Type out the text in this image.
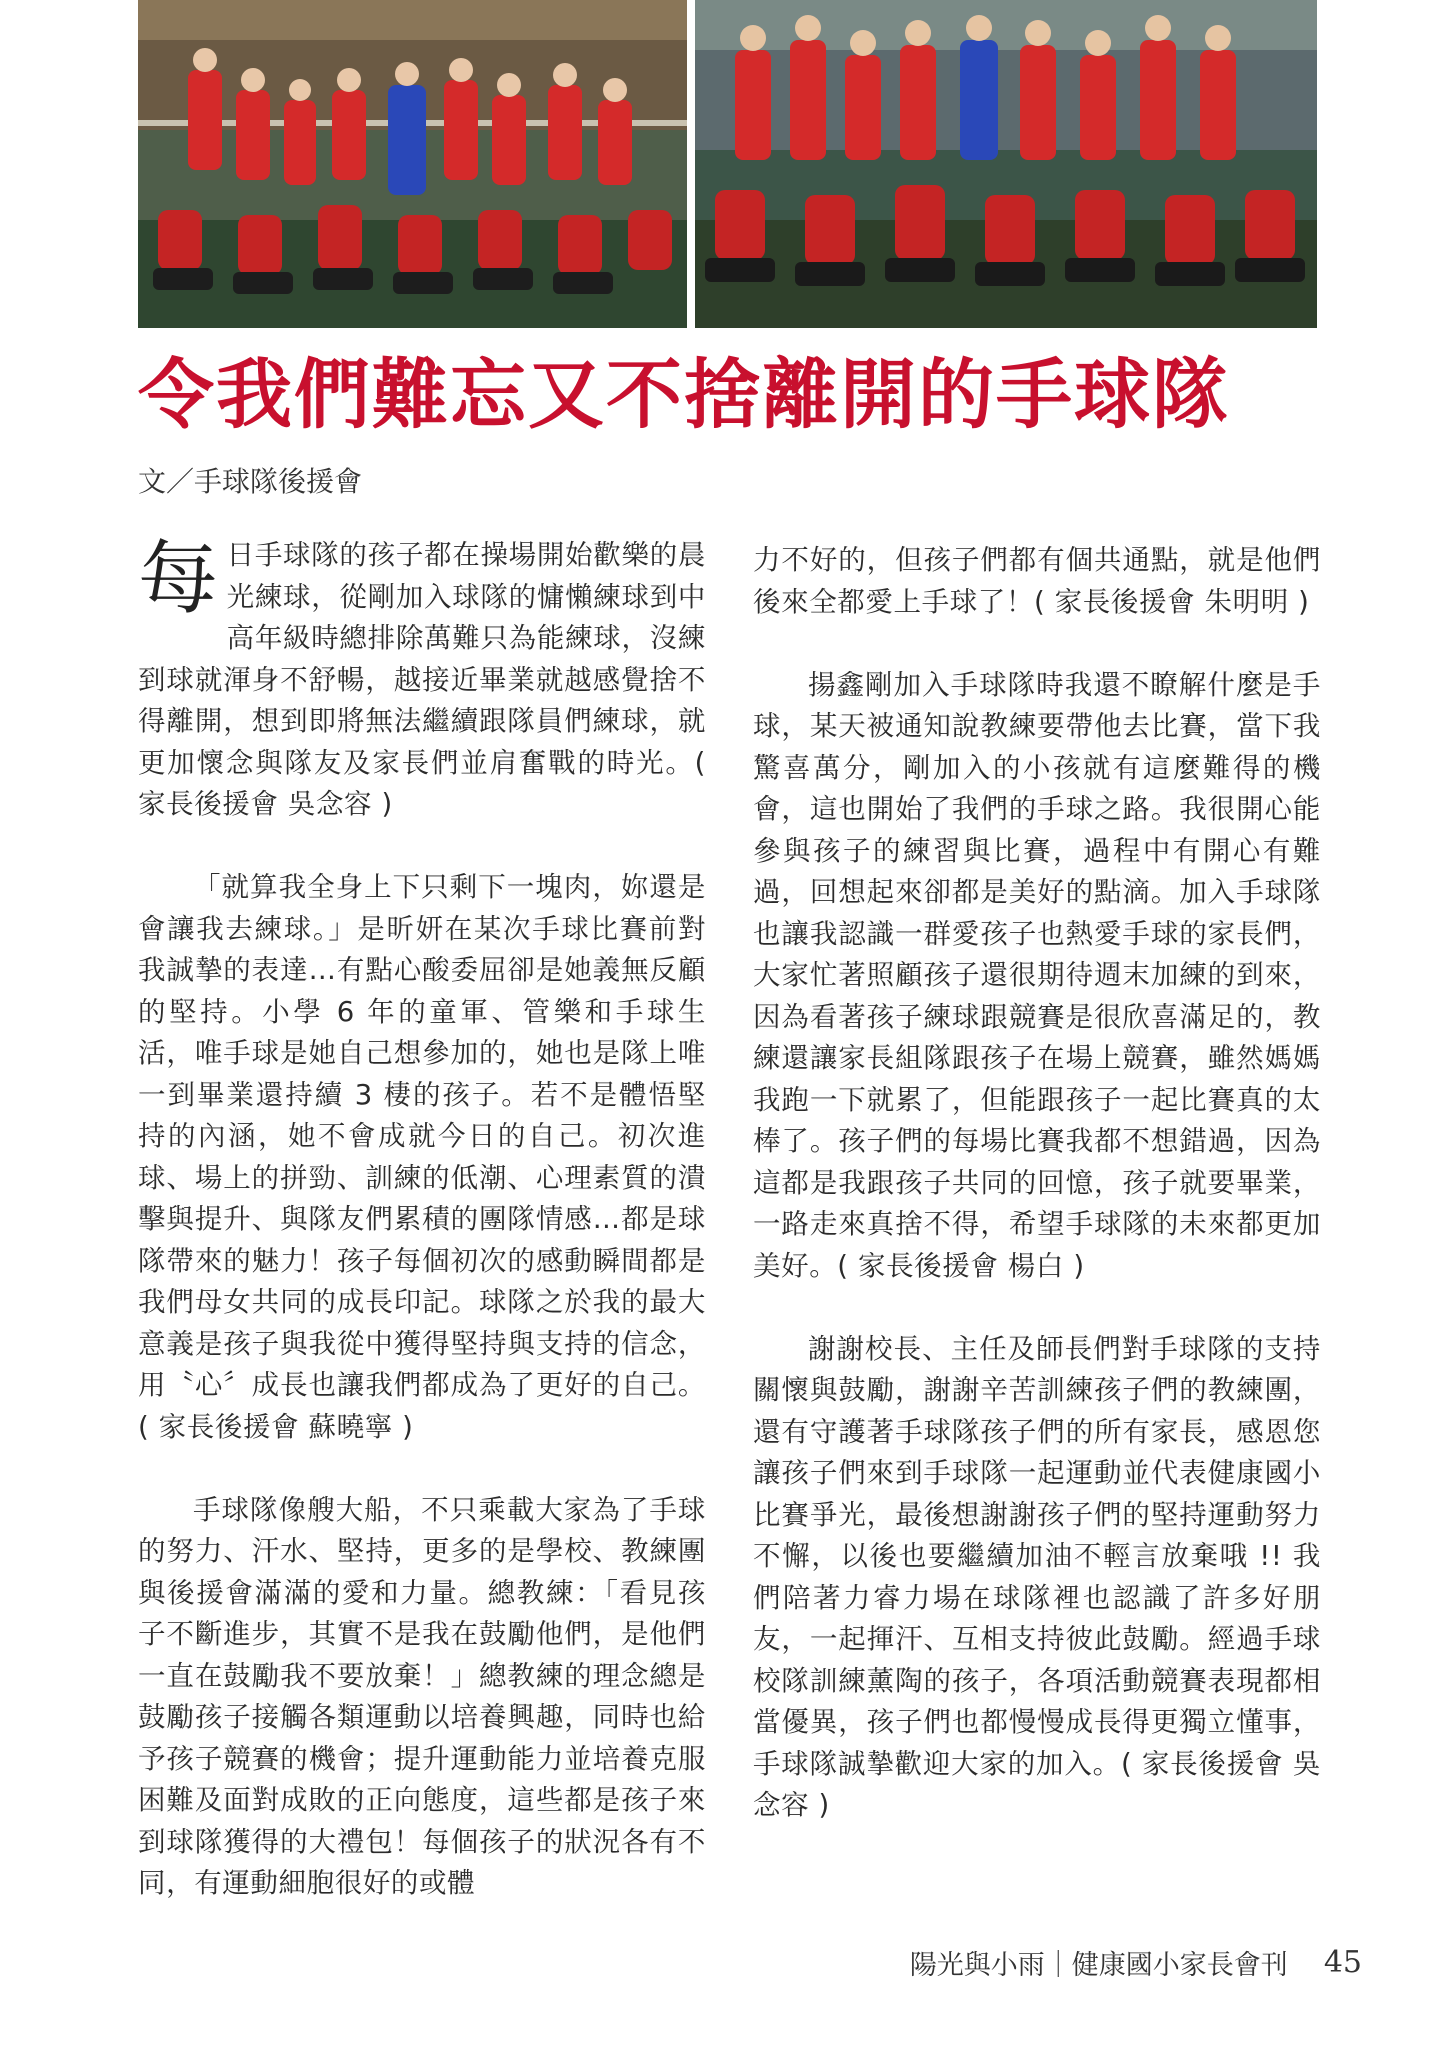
令我們難忘又不捨離開的手球隊

文／手球隊後援會

每日手球隊的孩子都在操場開始歡樂的晨光練球，從剛加入球隊的慵懶練球到中高年級時總排除萬難只為能練球，沒練到球就渾身不舒暢，越接近畢業就越感覺捨不得離開，想到即將無法繼續跟隊員們練球，就更加懷念與隊友及家長們並肩奮戰的時光。( 家長後援會 吳念容 )

「就算我全身上下只剩下一塊肉，妳還是會讓我去練球。」是昕妍在某次手球比賽前對我誠摯的表達…有點心酸委屈卻是她義無反顧的堅持。小學 6 年的童軍、管樂和手球生活，唯手球是她自己想參加的，她也是隊上唯一到畢業還持續 3 棲的孩子。若不是體悟堅持的內涵，她不會成就今日的自己。初次進球、場上的拼勁、訓練的低潮、心理素質的潰擊與提升、與隊友們累積的團隊情感…都是球隊帶來的魅力！孩子每個初次的感動瞬間都是我們母女共同的成長印記。球隊之於我的最大意義是孩子與我從中獲得堅持與支持的信念，用〝心〞成長也讓我們都成為了更好的自己。( 家長後援會 蘇曉寧 )

手球隊像艘大船，不只乘載大家為了手球的努力、汗水、堅持，更多的是學校、教練團與後援會滿滿的愛和力量。總教練：「看見孩子不斷進步，其實不是我在鼓勵他們，是他們一直在鼓勵我不要放棄！」總教練的理念總是鼓勵孩子接觸各類運動以培養興趣，同時也給予孩子競賽的機會；提升運動能力並培養克服困難及面對成敗的正向態度，這些都是孩子來到球隊獲得的大禮包！每個孩子的狀況各有不同，有運動細胞很好的或體

力不好的，但孩子們都有個共通點，就是他們後來全都愛上手球了！( 家長後援會 朱明明 )

揚鑫剛加入手球隊時我還不瞭解什麼是手球，某天被通知說教練要帶他去比賽，當下我驚喜萬分，剛加入的小孩就有這麼難得的機會，這也開始了我們的手球之路。我很開心能參與孩子的練習與比賽，過程中有開心有難過，回想起來卻都是美好的點滴。加入手球隊也讓我認識一群愛孩子也熱愛手球的家長們，大家忙著照顧孩子還很期待週末加練的到來，因為看著孩子練球跟競賽是很欣喜滿足的，教練還讓家長組隊跟孩子在場上競賽，雖然媽媽我跑一下就累了，但能跟孩子一起比賽真的太棒了。孩子們的每場比賽我都不想錯過，因為這都是我跟孩子共同的回憶，孩子就要畢業，一路走來真捨不得，希望手球隊的未來都更加美好。( 家長後援會 楊白 )

謝謝校長、主任及師長們對手球隊的支持關懷與鼓勵，謝謝辛苦訓練孩子們的教練團，還有守護著手球隊孩子們的所有家長，感恩您讓孩子們來到手球隊一起運動並代表健康國小比賽爭光，最後想謝謝孩子們的堅持運動努力不懈，以後也要繼續加油不輕言放棄哦 !! 我們陪著力睿力場在球隊裡也認識了許多好朋友，一起揮汗、互相支持彼此鼓勵。經過手球校隊訓練薰陶的孩子，各項活動競賽表現都相當優異，孩子們也都慢慢成長得更獨立懂事，手球隊誠摯歡迎大家的加入。( 家長後援會 吳念容 )

陽光與小雨｜健康國小家長會刊 45
